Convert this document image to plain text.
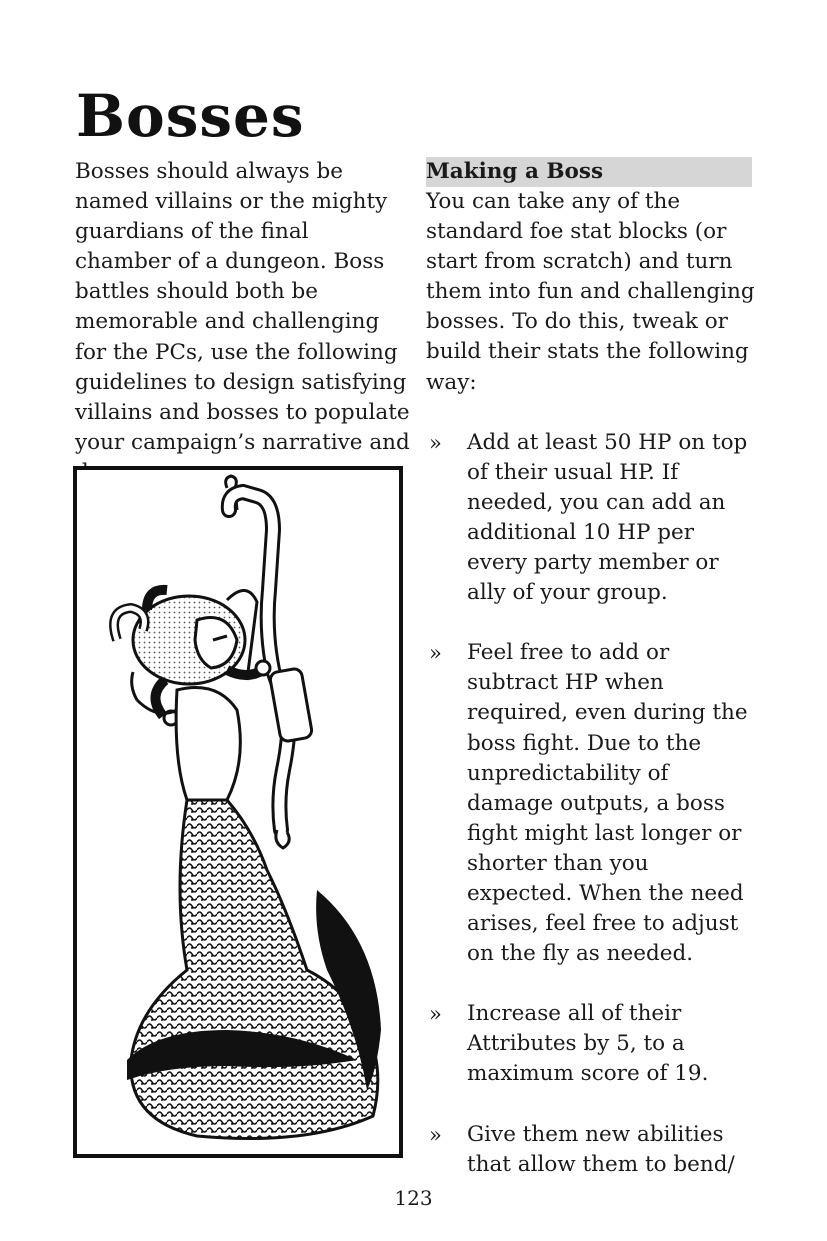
Bosses
Bosses should always be named villains or the mighty guardians of the final chamber of a dungeon. Boss battles should both be memorable and challenging for the PCs, use the following guidelines to design satisfying villains and bosses to populate your campaign’s narrative and
Making a Boss
You can take any of the standard foe stat blocks (or start from scratch) and turn them into fun and challenging bosses. To do this, tweak or build their stats the following way:
» Add at least 50 HP on top of their usual HP. If needed, you can add an additional 10 HP per every party member or ally of your group.
» Feel free to add or subtract HP when required, even during the boss fight. Due to the unpredictability of damage outputs, a boss fight might last longer or shorter than you expected. When the need arises, feel free to adjust on the fly as needed.
» Increase all of their Attributes by 5, to a maximum score of 19.
» Give them new abilities that allow them to bend/
123
